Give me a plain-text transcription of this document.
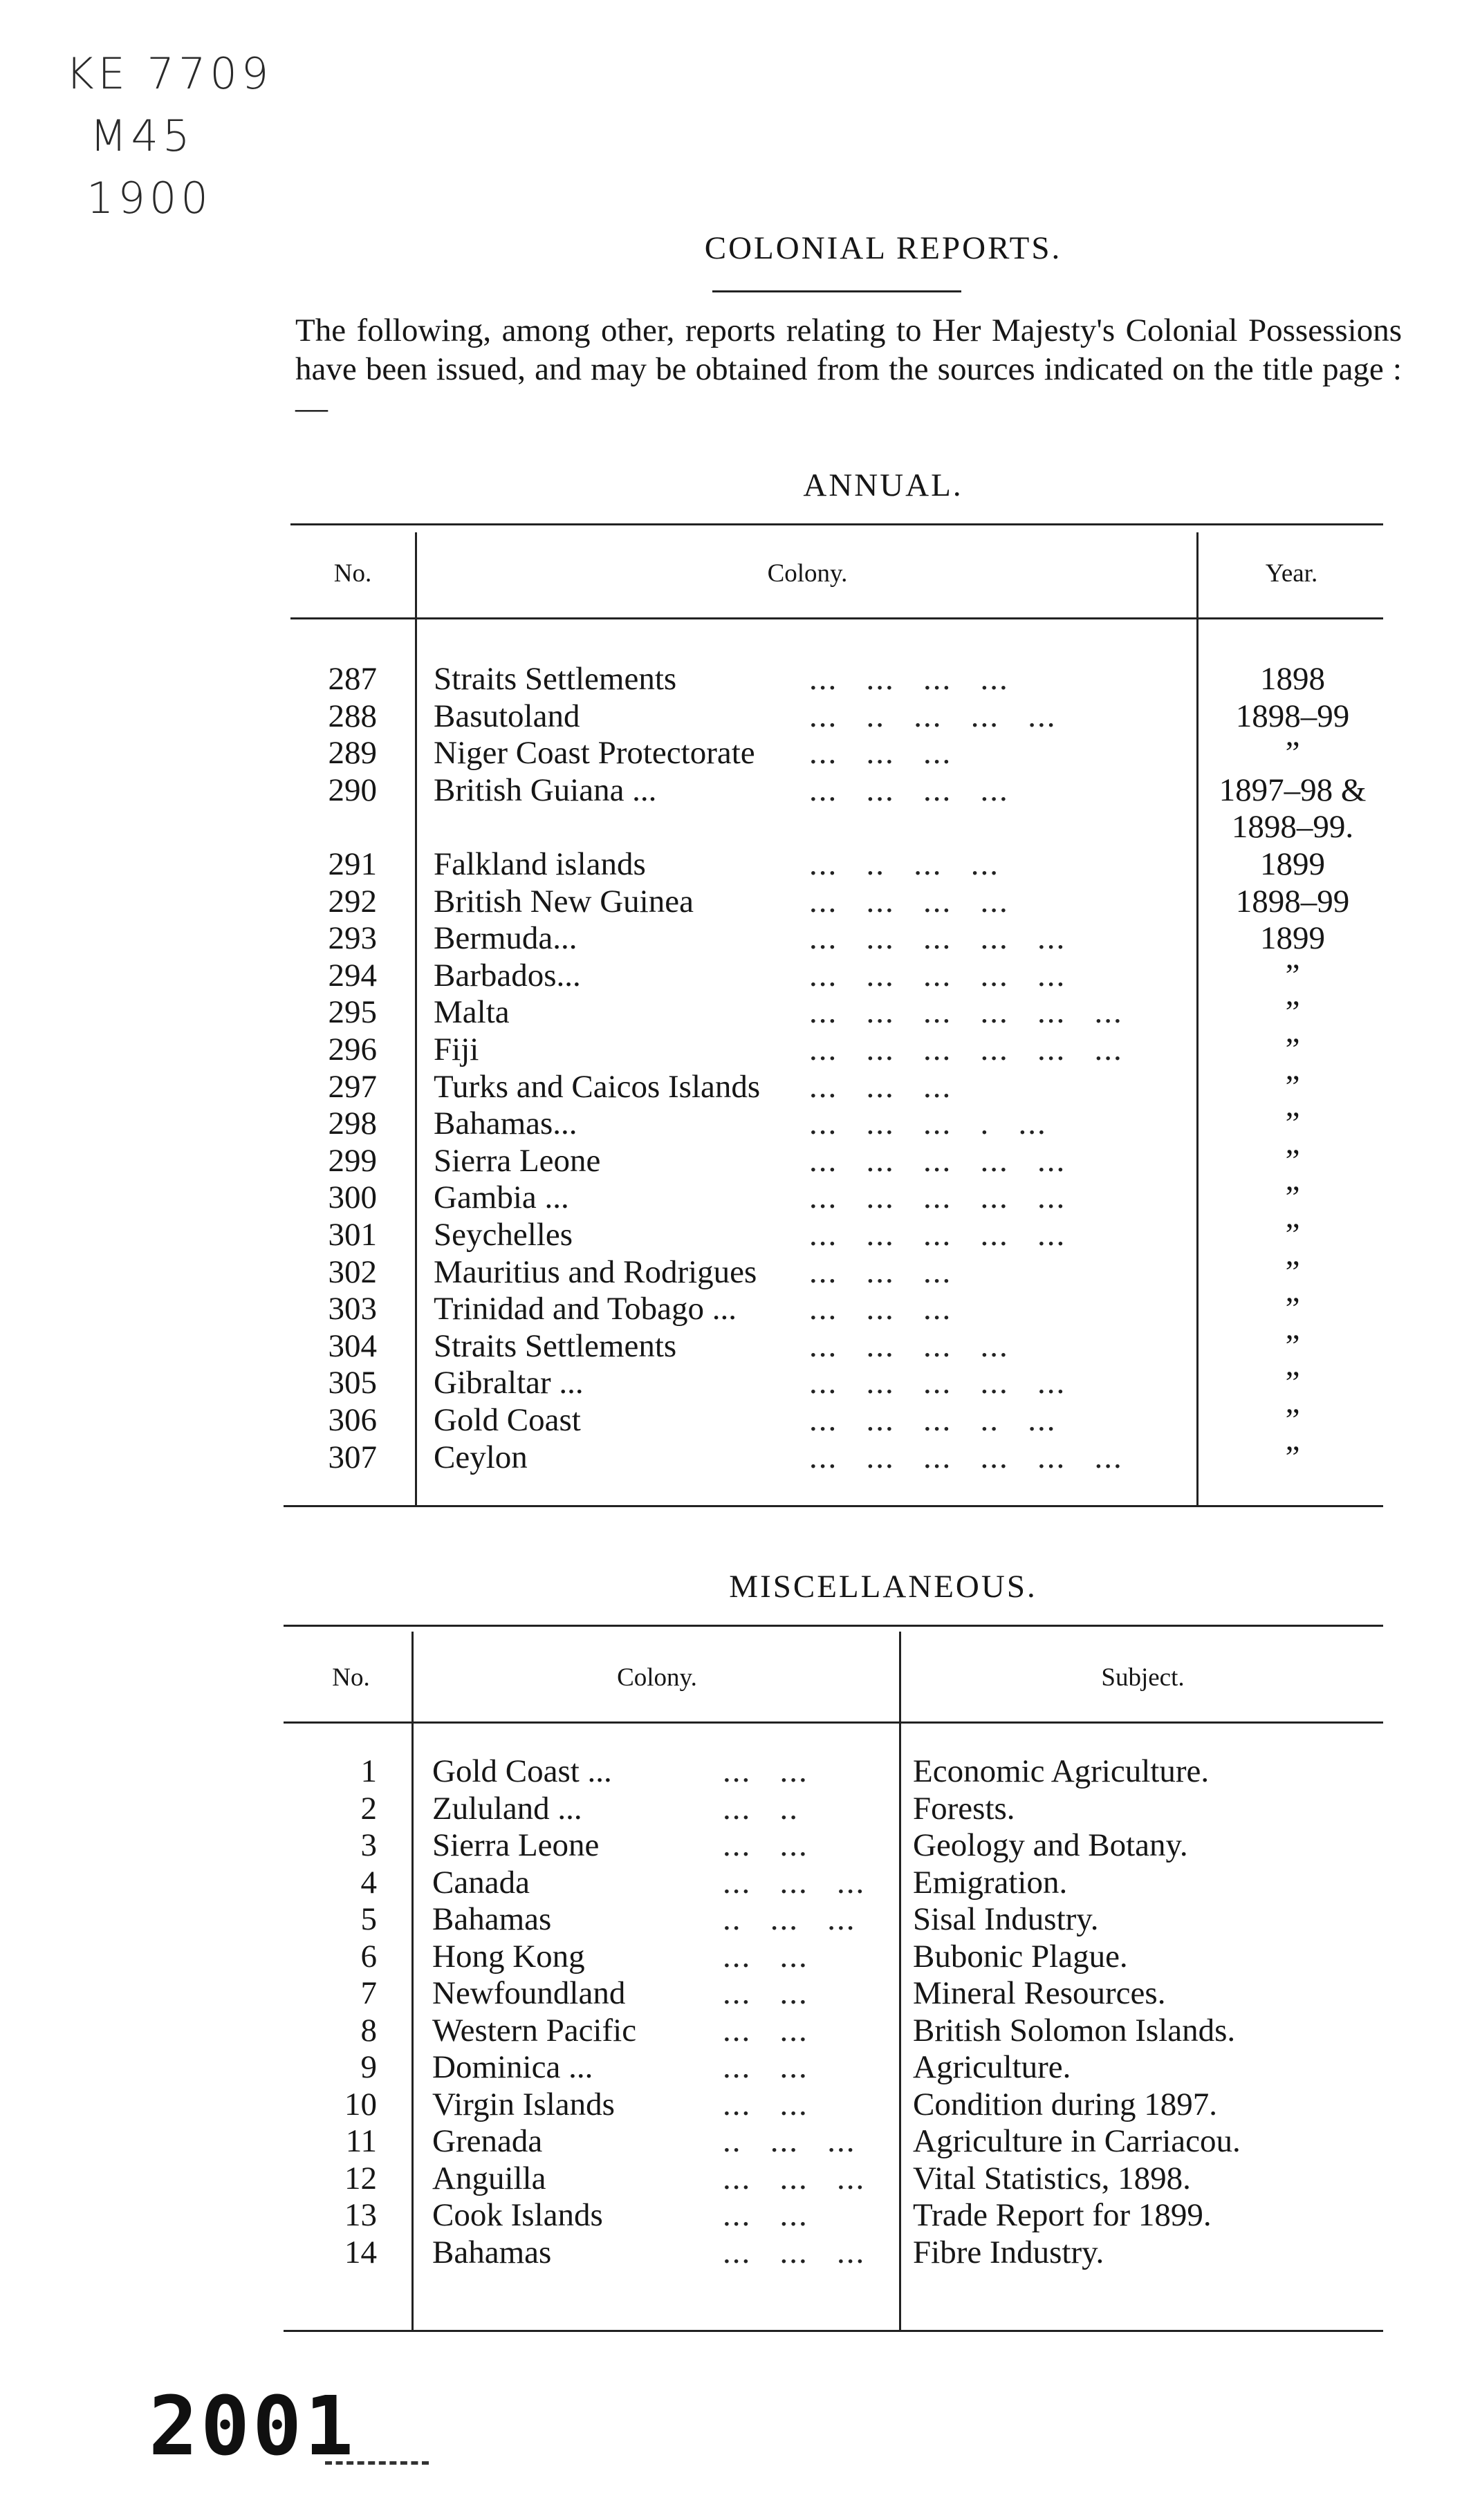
KE 7709
M45
1900
COLONIAL REPORTS.
The following, among other, reports relating to Her Majesty's Colonial Possessions have been issued, and may be obtained from the sources indicated on the title page :—
ANNUAL.
No.	Colony.	Year.
287 Straits Settlements	...   ...   ...   ...	1898
288 Basutoland	...   ..   ...   ...   ...	1898–99
289 Niger Coast Protectorate ...   ...   ...	”
290 British Guiana ...	...   ...   ...   ...	1897–98 &
1898–99.
291 Falkland islands	...   ..   ...   ...	1899
292 British New Guinea	...   ...   ...   ...	1898–99
293 Bermuda...	...   ...   ...   ...   ...	1899
294 Barbados...	...   ...   ...   ...   ...	”
295 Malta	...   ...   ...   ...   ...   ...	”
296 Fiji	...   ...   ...   ...   ...   ...	”
297 Turks and Caicos Islands ...   ...   ...	”
298 Bahamas...	...   ...   ...   .   ...	”
299 Sierra Leone	...   ...   ...   ...   ...	”
300 Gambia ...	...   ...   ...   ...   ...	”
301 Seychelles	...   ...   ...   ...   ...	”
302 Mauritius and Rodrigues ...   ...   ...	”
303 Trinidad and Tobago ... ...   ...   ...	”
304 Straits Settlements	...   ...   ...   ...	”
305 Gibraltar ...	...   ...   ...   ...   ...	”
306 Gold Coast	...   ...   ...   ..   ...	”
307 Ceylon	...   ...   ...   ...   ...   ...	”
MISCELLANEOUS.
No.	Colony.	Subject.
1 Gold Coast ...	...   ...	Economic Agriculture.
2 Zululand ...	...   ..	Forests.
3 Sierra Leone	...   ...	Geology and Botany.
4 Canada	...   ...   ... Emigration.
5 Bahamas	..   ...   ... Sisal Industry.
6 Hong Kong	...   ...	Bubonic Plague.
7 Newfoundland	...   ...	Mineral Resources.
8 Western Pacific	...   ...	British Solomon Islands.
9 Dominica ...	...   ...	Agriculture.
10 Virgin Islands	...   ...	Condition during 1897.
11 Grenada	..   ...   ... Agriculture in Carriacou.
12 Anguilla	...   ...   ... Vital Statistics, 1898.
13 Cook Islands	...   ...	Trade Report for 1899.
14 Bahamas	...   ...   ... Fibre Industry.
2001
